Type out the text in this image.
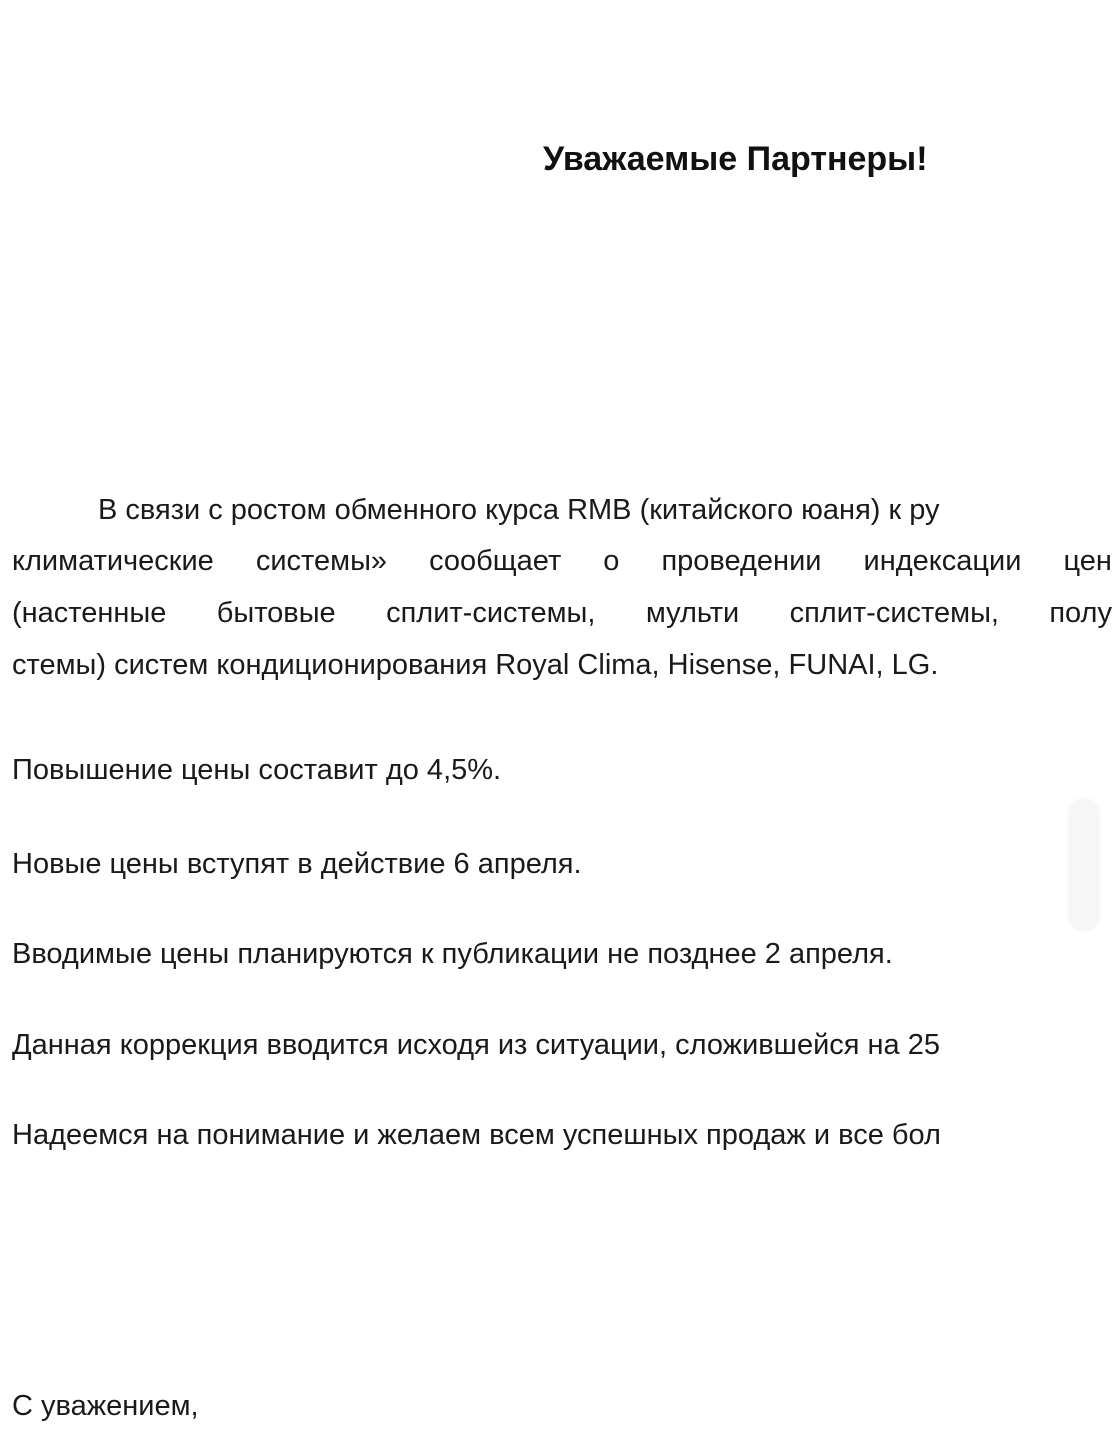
Уважаемые Партнеры!
В связи с ростом обменного курса RMB (китайского юаня) к ру
климатические системы» сообщает о проведении индексации цен
(настенные бытовые сплит-системы, мульти сплит-системы, полу
стемы) систем кондиционирования Royal Clima, Hisense, FUNAI, LG.
Повышение цены составит до 4,5%.
Новые цены вступят в действие 6 апреля.
Вводимые цены планируются к публикации не позднее 2 апреля.
Данная коррекция вводится исходя из ситуации, сложившейся на 25
Надеемся на понимание и желаем всем успешных продаж и все бол
С уважением,
